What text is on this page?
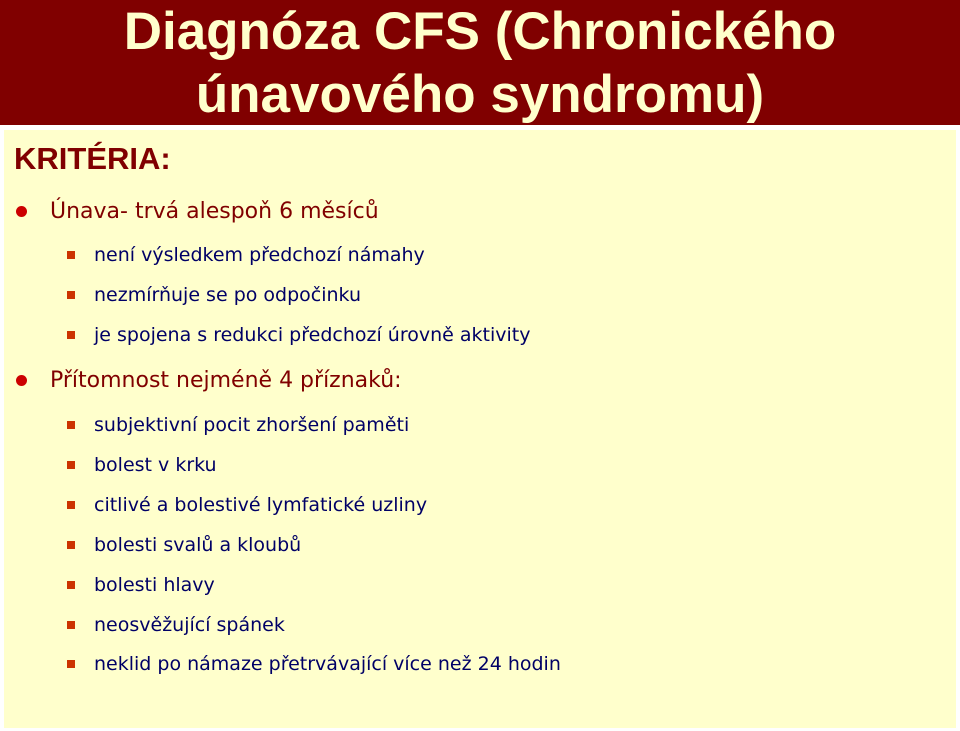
Diagnóza CFS (Chronického
únavového syndromu)
KRITÉRIA:
Únava- trvá alespoň 6 měsíců
není výsledkem předchozí námahy
nezmírňuje se po odpočinku
je spojena s redukci předchozí úrovně aktivity
Přítomnost nejméně 4 příznaků:
subjektivní pocit zhoršení paměti
bolest v krku
citlivé a bolestivé lymfatické uzliny
bolesti svalů a kloubů
bolesti hlavy
neosvěžující spánek
neklid po námaze přetrvávající více než 24 hodin
